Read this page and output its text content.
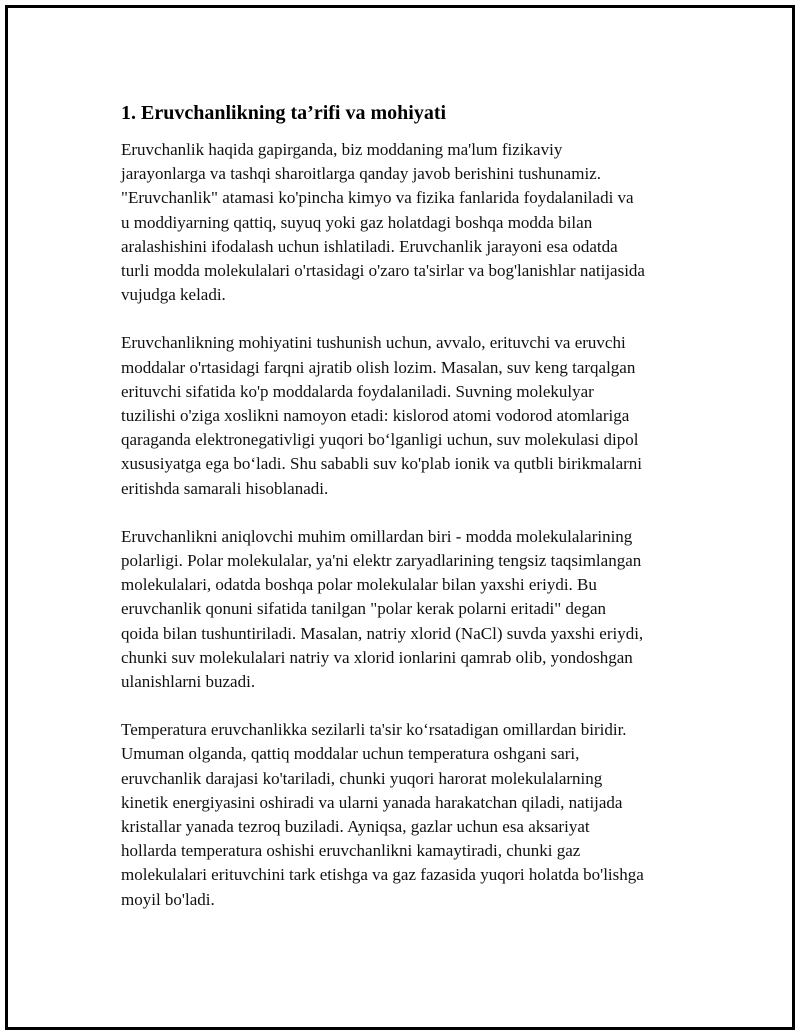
1. Eruvchanlikning ta’rifi va mohiyati

Eruvchanlik haqida gapirganda, biz moddaning ma'lum fizikaviy
jarayonlarga va tashqi sharoitlarga qanday javob berishini tushunamiz.
"Eruvchanlik" atamasi ko'pincha kimyo va fizika fanlarida foydalaniladi va
u moddiyarning qattiq, suyuq yoki gaz holatdagi boshqa modda bilan
aralashishini ifodalash uchun ishlatiladi. Eruvchanlik jarayoni esa odatda
turli modda molekulalari o'rtasidagi o'zaro ta'sirlar va bog'lanishlar natijasida
vujudga keladi.

Eruvchanlikning mohiyatini tushunish uchun, avvalo, erituvchi va eruvchi
moddalar o'rtasidagi farqni ajratib olish lozim. Masalan, suv keng tarqalgan
erituvchi sifatida ko'p moddalarda foydalaniladi. Suvning molekulyar
tuzilishi o'ziga xoslikni namoyon etadi: kislorod atomi vodorod atomlariga
qaraganda elektronegativligi yuqori bo‘lganligi uchun, suv molekulasi dipol
xususiyatga ega bo‘ladi. Shu sababli suv ko'plab ionik va qutbli birikmalarni
eritishda samarali hisoblanadi.

Eruvchanlikni aniqlovchi muhim omillardan biri - modda molekulalarining
polarligi. Polar molekulalar, ya'ni elektr zaryadlarining tengsiz taqsimlangan
molekulalari, odatda boshqa polar molekulalar bilan yaxshi eriydi. Bu
eruvchanlik qonuni sifatida tanilgan "polar kerak polarni eritadi" degan
qoida bilan tushuntiriladi. Masalan, natriy xlorid (NaCl) suvda yaxshi eriydi,
chunki suv molekulalari natriy va xlorid ionlarini qamrab olib, yondoshgan
ulanishlarni buzadi.

Temperatura eruvchanlikka sezilarli ta'sir ko‘rsatadigan omillardan biridir.
Umuman olganda, qattiq moddalar uchun temperatura oshgani sari,
eruvchanlik darajasi ko'tariladi, chunki yuqori harorat molekulalarning
kinetik energiyasini oshiradi va ularni yanada harakatchan qiladi, natijada
kristallar yanada tezroq buziladi. Ayniqsa, gazlar uchun esa aksariyat
hollarda temperatura oshishi eruvchanlikni kamaytiradi, chunki gaz
molekulalari erituvchini tark etishga va gaz fazasida yuqori holatda bo'lishga
moyil bo'ladi.
